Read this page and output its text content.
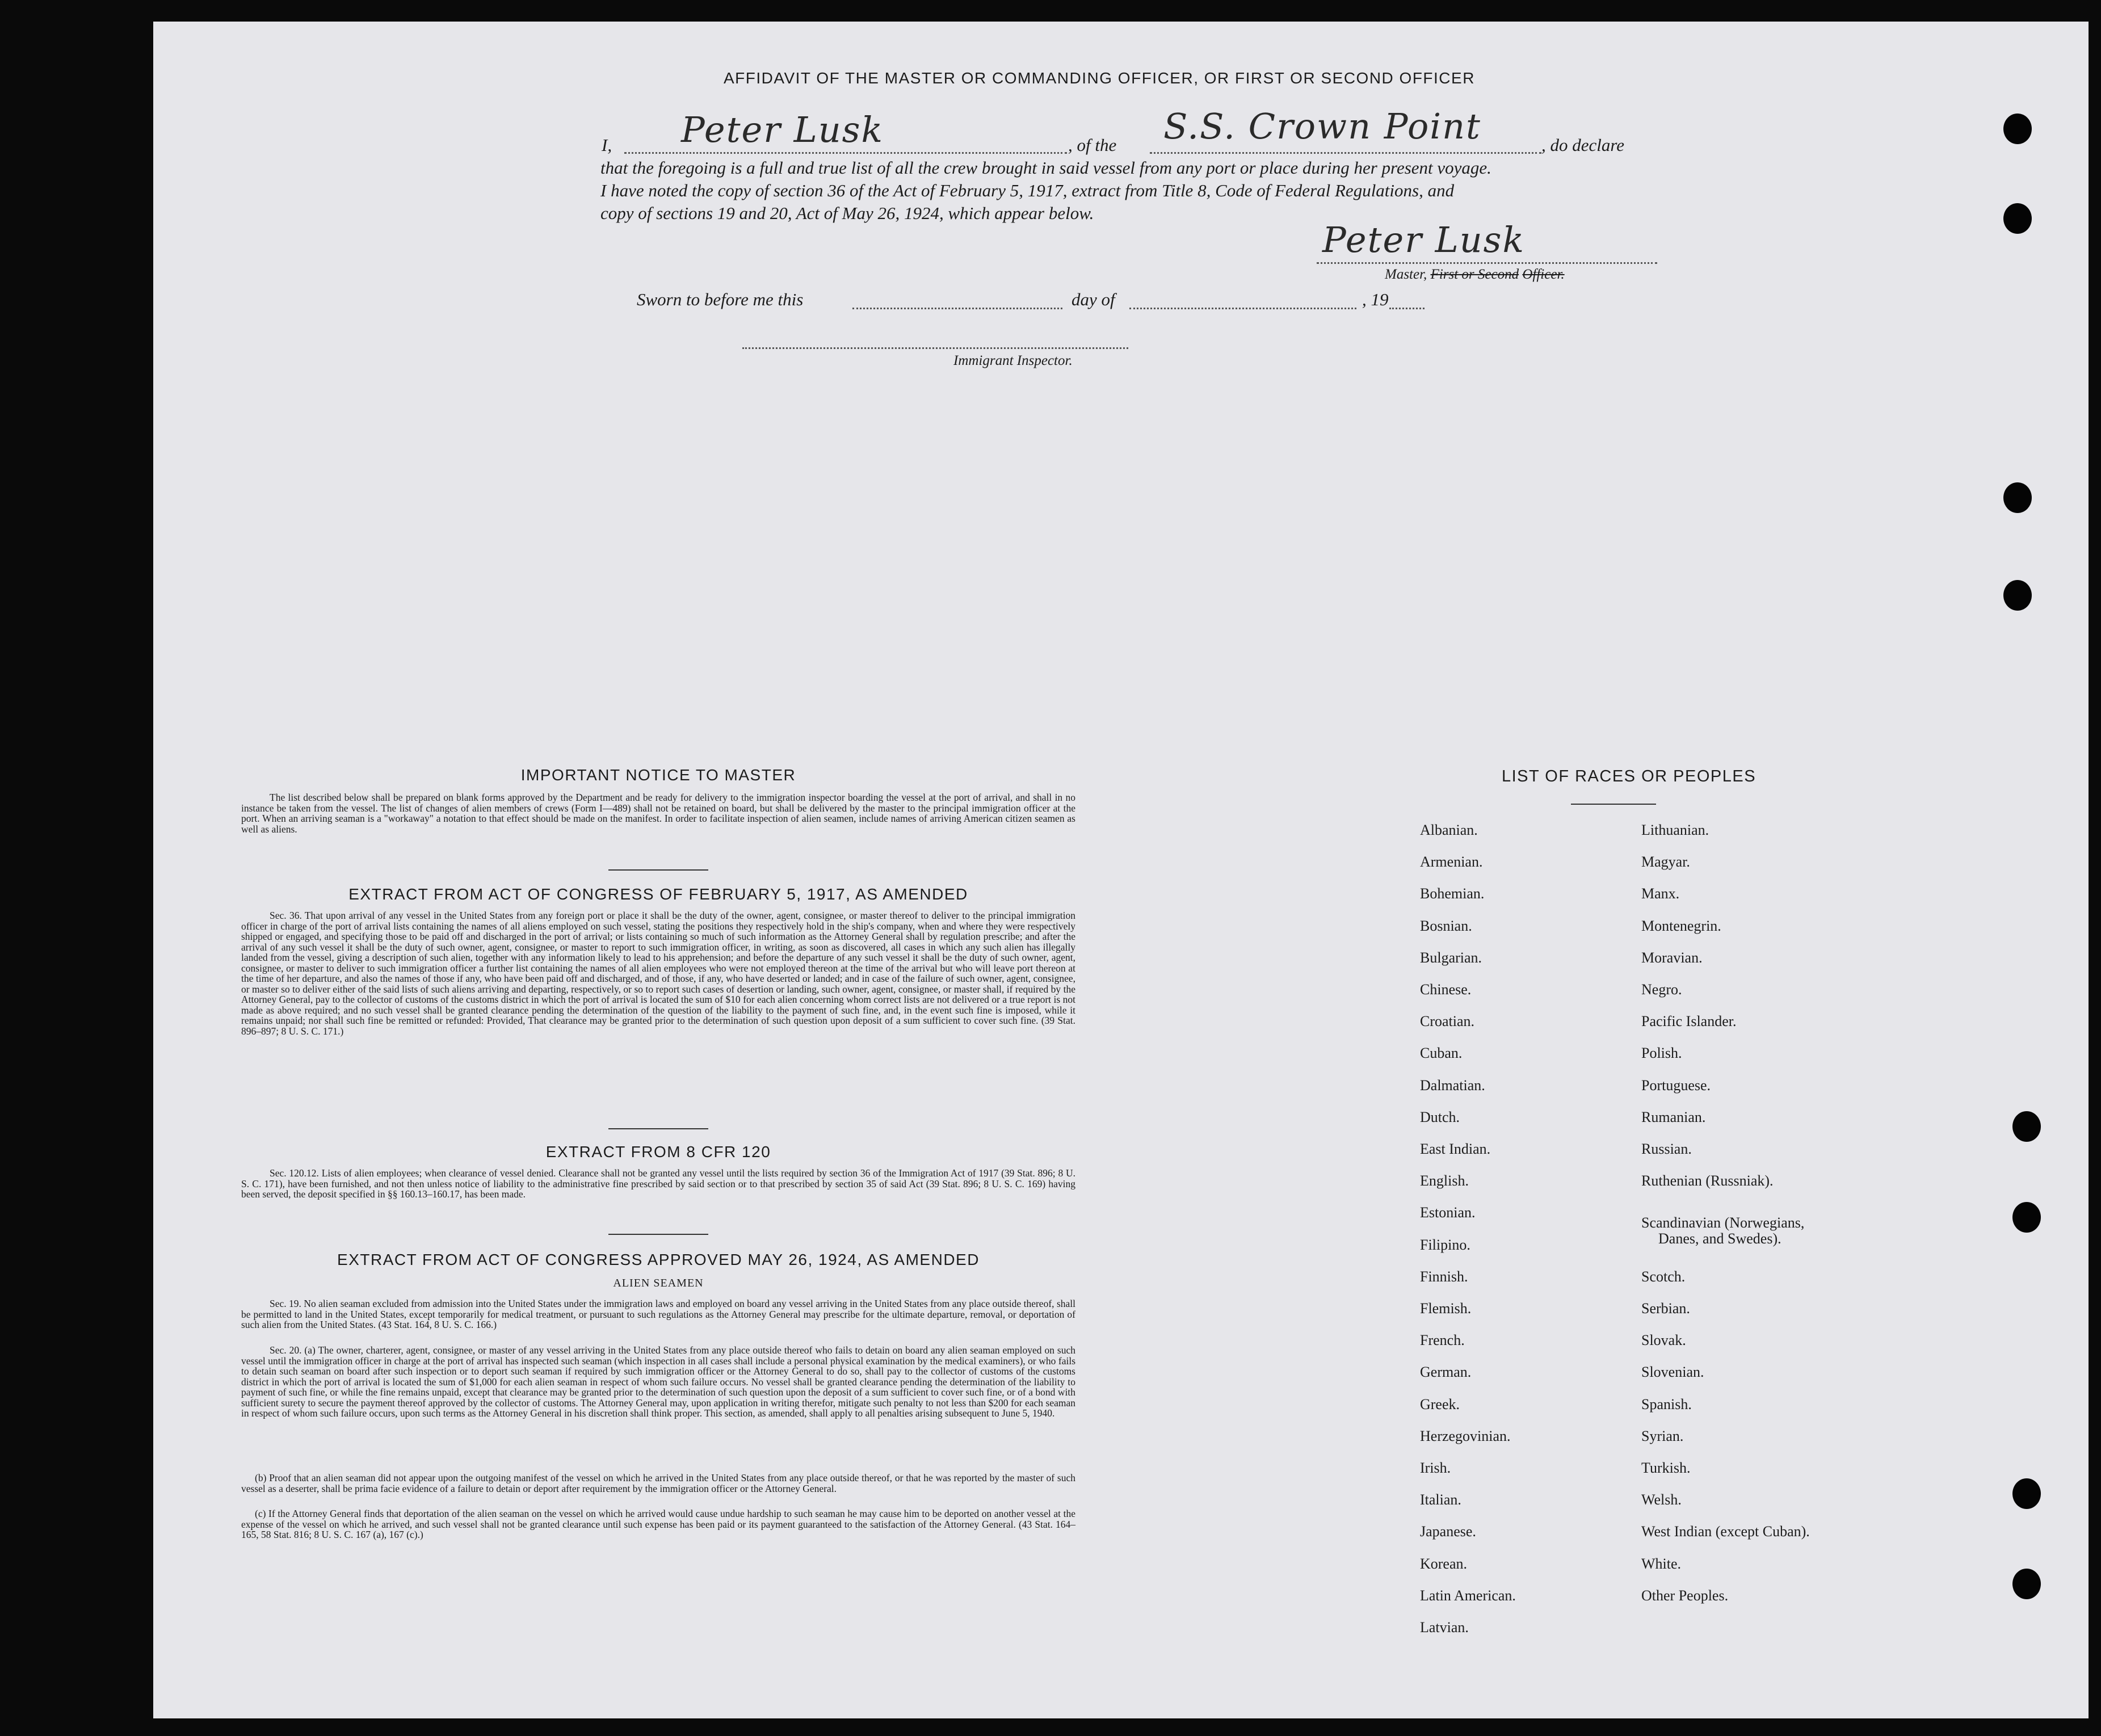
AFFIDAVIT OF THE MASTER OR COMMANDING OFFICER, OR FIRST OR SECOND OFFICER
I, Peter Lusk	, of the S.S. Crown Point	, do declare
that the foregoing is a full and true list of all the crew brought in said vessel from any port or place during her present voyage.
I have noted the copy of section 36 of the Act of February 5, 1917, extract from Title 8, Code of Federal Regulations, and
copy of sections 19 and 20, Act of May 26, 1924, which appear below.
Peter Lusk
Master, First or Second Officer.
Sworn to before me this	day of	, 19
Immigrant Inspector.
IMPORTANT NOTICE TO MASTER
The list described below shall be prepared on blank forms approved by the Department and be ready for delivery to the immigration inspector boarding the vessel at the port of arrival, and shall in no instance be taken from the vessel. The list of changes of alien members of crews (Form I—489) shall not be retained on board, but shall be delivered by the master to the principal immigration officer at the port. When an arriving seaman is a "workaway" a notation to that effect should be made on the manifest. In order to facilitate inspection of alien seamen, include names of arriving American citizen seamen as well as aliens.
EXTRACT FROM ACT OF CONGRESS OF FEBRUARY 5, 1917, AS AMENDED
Sec. 36. That upon arrival of any vessel in the United States from any foreign port or place it shall be the duty of the owner, agent, consignee, or master thereof to deliver to the principal immigration officer in charge of the port of arrival lists containing the names of all aliens employed on such vessel, stating the positions they respectively hold in the ship's company, when and where they were respectively shipped or engaged, and specifying those to be paid off and discharged in the port of arrival; or lists containing so much of such information as the Attorney General shall by regulation prescribe; and after the arrival of any such vessel it shall be the duty of such owner, agent, consignee, or master to report to such immigration officer, in writing, as soon as discovered, all cases in which any such alien has illegally landed from the vessel, giving a description of such alien, together with any information likely to lead to his apprehension; and before the departure of any such vessel it shall be the duty of such owner, agent, consignee, or master to deliver to such immigration officer a further list containing the names of all alien employees who were not employed thereon at the time of the arrival but who will leave port thereon at the time of her departure, and also the names of those if any, who have been paid off and discharged, and of those, if any, who have deserted or landed; and in case of the failure of such owner, agent, consignee, or master so to deliver either of the said lists of such aliens arriving and departing, respectively, or so to report such cases of desertion or landing, such owner, agent, consignee, or master shall, if required by the Attorney General, pay to the collector of customs of the customs district in which the port of arrival is located the sum of $10 for each alien concerning whom correct lists are not delivered or a true report is not made as above required; and no such vessel shall be granted clearance pending the determination of the question of the liability to the payment of such fine, and, in the event such fine is imposed, while it remains unpaid; nor shall such fine be remitted or refunded: Provided, That clearance may be granted prior to the determination of such question upon deposit of a sum sufficient to cover such fine. (39 Stat. 896–897; 8 U. S. C. 171.)
EXTRACT FROM 8 CFR 120
Sec. 120.12. Lists of alien employees; when clearance of vessel denied. Clearance shall not be granted any vessel until the lists required by section 36 of the Immigration Act of 1917 (39 Stat. 896; 8 U. S. C. 171), have been furnished, and not then unless notice of liability to the administrative fine prescribed by said section or to that prescribed by section 35 of said Act (39 Stat. 896; 8 U. S. C. 169) having been served, the deposit specified in §§ 160.13–160.17, has been made.
EXTRACT FROM ACT OF CONGRESS APPROVED MAY 26, 1924, AS AMENDED
ALIEN SEAMEN
Sec. 19. No alien seaman excluded from admission into the United States under the immigration laws and employed on board any vessel arriving in the United States from any place outside thereof, shall be permitted to land in the United States, except temporarily for medical treatment, or pursuant to such regulations as the Attorney General may prescribe for the ultimate departure, removal, or deportation of such alien from the United States. (43 Stat. 164, 8 U. S. C. 166.)
Sec. 20. (a) The owner, charterer, agent, consignee, or master of any vessel arriving in the United States from any place outside thereof who fails to detain on board any alien seaman employed on such vessel until the immigration officer in charge at the port of arrival has inspected such seaman (which inspection in all cases shall include a personal physical examination by the medical examiners), or who fails to detain such seaman on board after such inspection or to deport such seaman if required by such immigration officer or the Attorney General to do so, shall pay to the collector of customs of the customs district in which the port of arrival is located the sum of $1,000 for each alien seaman in respect of whom such failure occurs. No vessel shall be granted clearance pending the determination of the liability to payment of such fine, or while the fine remains unpaid, except that clearance may be granted prior to the determination of such question upon the deposit of a sum sufficient to cover such fine, or of a bond with sufficient surety to secure the payment thereof approved by the collector of customs. The Attorney General may, upon application in writing therefor, mitigate such penalty to not less than $200 for each seaman in respect of whom such failure occurs, upon such terms as the Attorney General in his discretion shall think proper. This section, as amended, shall apply to all penalties arising subsequent to June 5, 1940.
(b) Proof that an alien seaman did not appear upon the outgoing manifest of the vessel on which he arrived in the United States from any place outside thereof, or that he was reported by the master of such vessel as a deserter, shall be prima facie evidence of a failure to detain or deport after requirement by the immigration officer or the Attorney General.
(c) If the Attorney General finds that deportation of the alien seaman on the vessel on which he arrived would cause undue hardship to such seaman he may cause him to be deported on another vessel at the expense of the vessel on which he arrived, and such vessel shall not be granted clearance until such expense has been paid or its payment guaranteed to the satisfaction of the Attorney General. (43 Stat. 164–165, 58 Stat. 816; 8 U. S. C. 167 (a), 167 (c).)
LIST OF RACES OR PEOPLES
Albanian.
Armenian.
Bohemian.
Bosnian.
Bulgarian.
Chinese.
Croatian.
Cuban.
Dalmatian.
Dutch.
East Indian.
English.
Estonian.
Filipino.
Finnish.
Flemish.
French.
German.
Greek.
Herzegovinian.
Irish.
Italian.
Japanese.
Korean.
Latin American.
Latvian.
Lithuanian.
Magyar.
Manx.
Montenegrin.
Moravian.
Negro.
Pacific Islander.
Polish.
Portuguese.
Rumanian.
Russian.
Ruthenian (Russniak).
Scandinavian (Norwegians,
Danes, and Swedes).
Scotch.
Serbian.
Slovak.
Slovenian.
Spanish.
Syrian.
Turkish.
Welsh.
West Indian (except Cuban).
White.
Other Peoples.
